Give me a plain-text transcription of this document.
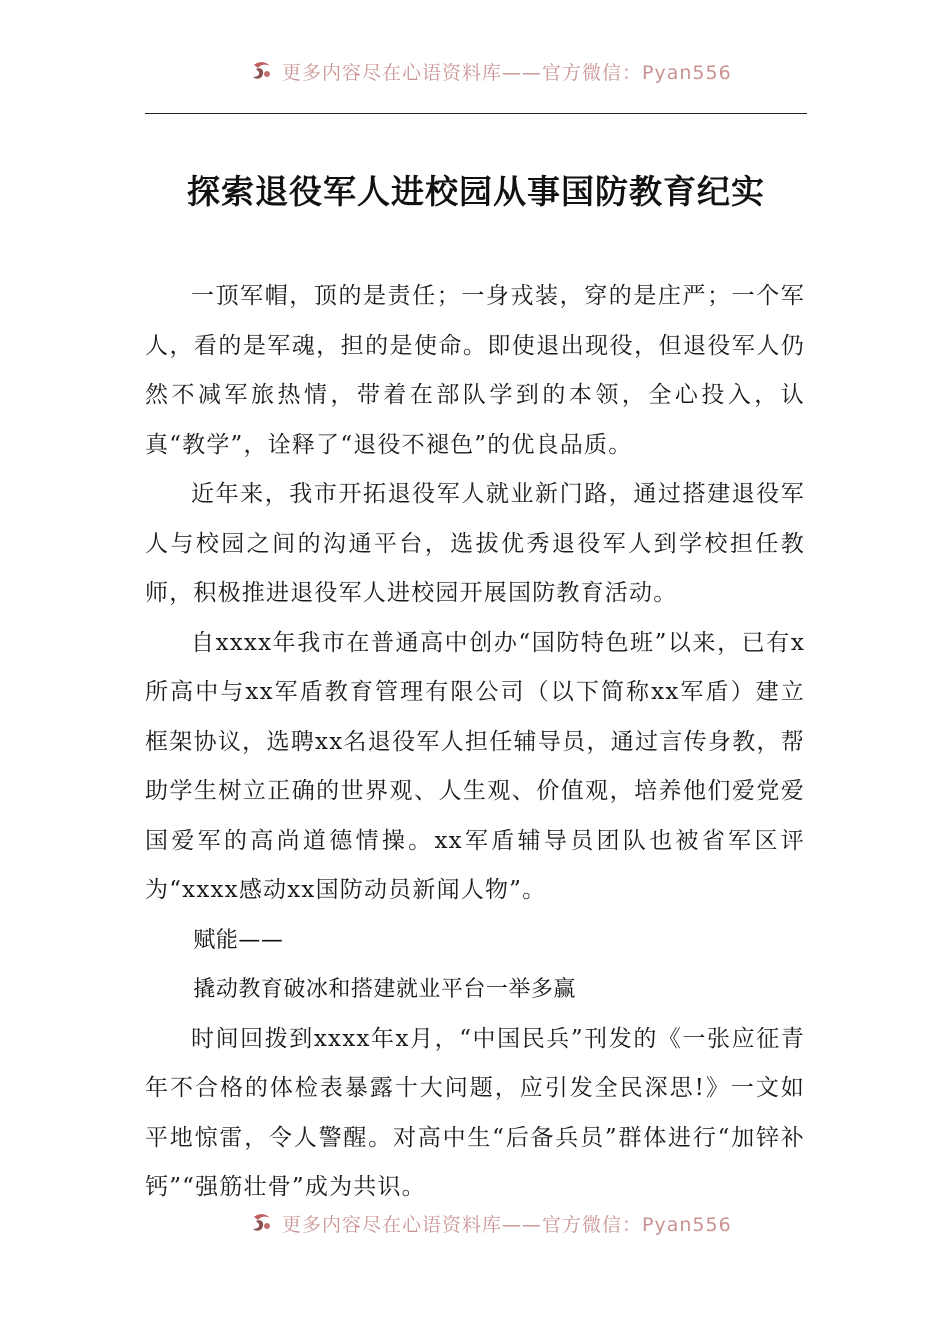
更多内容尽在心语资料库——官方微信：Pyan556
探索退役军人进校园从事国防教育纪实

一顶军帽，顶的是责任；一身戎装，穿的是庄严；一个军人，看的是军魂，担的是使命。即使退出现役，但退役军人仍然不减军旅热情，带着在部队学到的本领，全心投入，认真“教学”，诠释了“退役不褪色”的优良品质。

近年来，我市开拓退役军人就业新门路，通过搭建退役军人与校园之间的沟通平台，选拔优秀退役军人到学校担任教师，积极推进退役军人进校园开展国防教育活动。

自xxxx年我市在普通高中创办“国防特色班”以来，已有x所高中与xx军盾教育管理有限公司（以下简称xx军盾）建立框架协议，选聘xx名退役军人担任辅导员，通过言传身教，帮助学生树立正确的世界观、人生观、价值观，培养他们爱党爱国爱军的高尚道德情操。xx军盾辅导员团队也被省军区评为“xxxx感动xx国防动员新闻人物”。

赋能——

撬动教育破冰和搭建就业平台一举多赢

时间回拨到xxxx年x月，“中国民兵”刊发的《一张应征青年不合格的体检表暴露十大问题，应引发全民深思!》一文如平地惊雷，令人警醒。对高中生“后备兵员”群体进行“加锌补钙”“强筋壮骨”成为共识。

更多内容尽在心语资料库——官方微信：Pyan556
